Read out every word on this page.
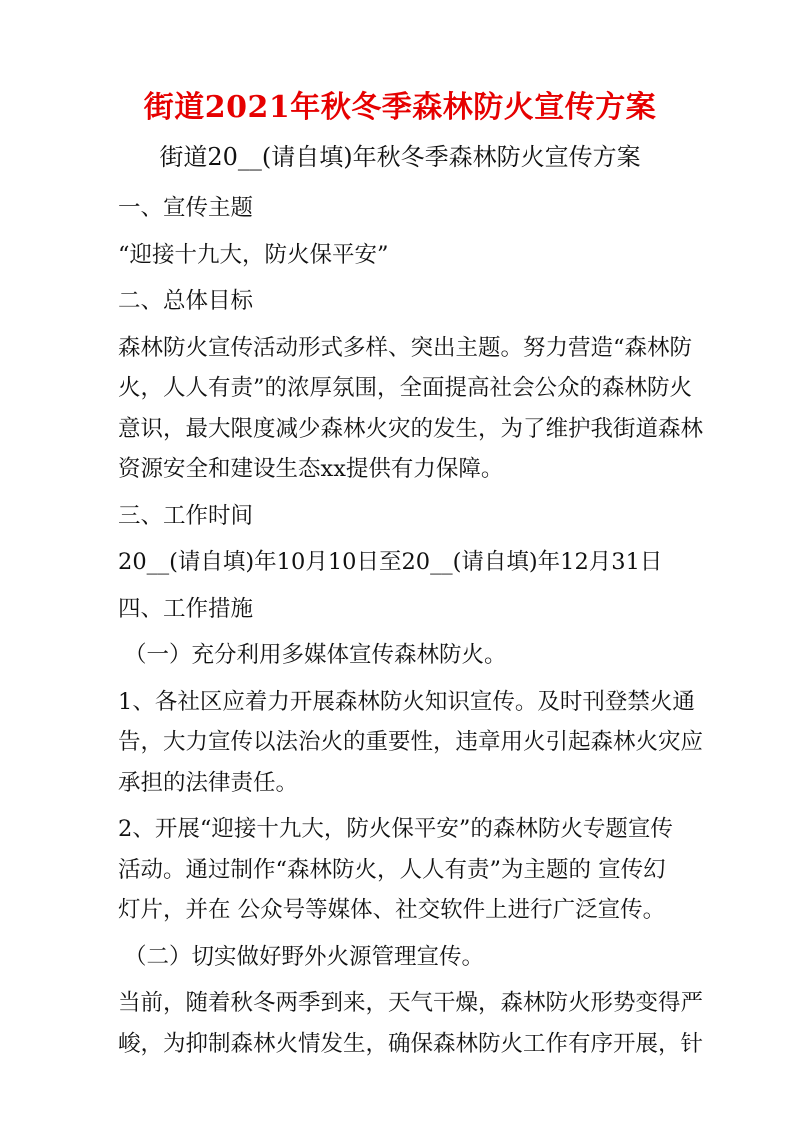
街道2021年秋冬季森林防火宣传方案
街道20__(请自填)年秋冬季森林防火宣传方案
一、宣传主题
“迎接十九大，防火保平安”
二、总体目标
森林防火宣传活动形式多样、突出主题。努力营造“森林防
火，人人有责”的浓厚氛围，全面提高社会公众的森林防火
意识，最大限度减少森林火灾的发生，为了维护我街道森林
资源安全和建设生态xx提供有力保障。
三、工作时间
20__(请自填)年10月10日至20__(请自填)年12月31日
四、工作措施
（一）充分利用多媒体宣传森林防火。
1、各社区应着力开展森林防火知识宣传。及时刊登禁火通
告，大力宣传以法治火的重要性，违章用火引起森林火灾应
承担的法律责任。
2、开展“迎接十九大，防火保平安”的森林防火专题宣传
活动。通过制作“森林防火，人人有责”为主题的 宣传幻
灯片，并在 公众号等媒体、社交软件上进行广泛宣传。
（二）切实做好野外火源管理宣传。
当前，随着秋冬两季到来，天气干燥，森林防火形势变得严
峻，为抑制森林火情发生，确保森林防火工作有序开展，针
